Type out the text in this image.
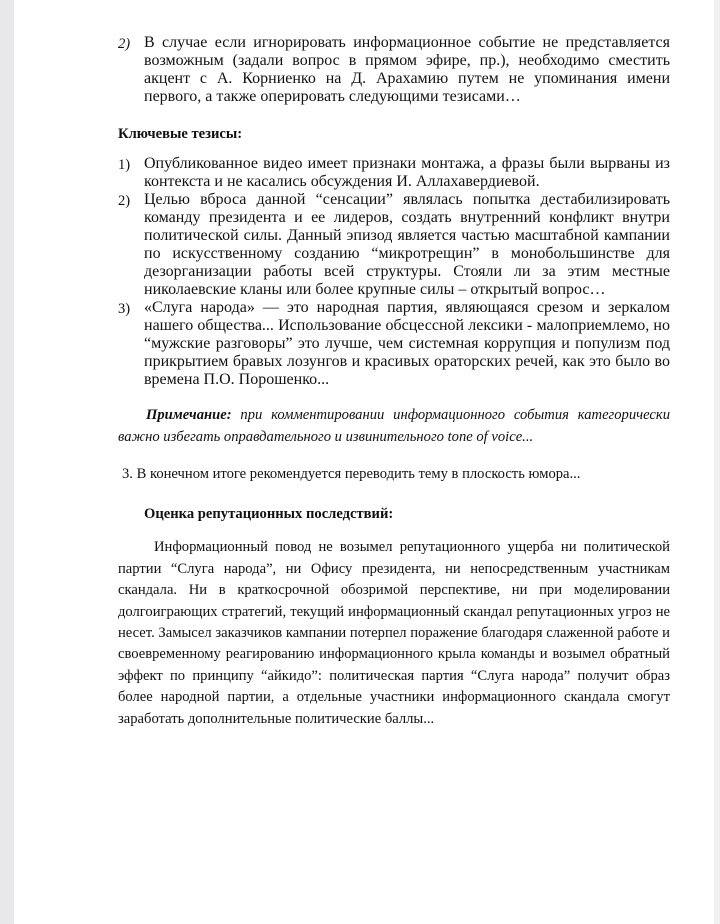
2) В случае если игнорировать информационное событие не представляется возможным (задали вопрос в прямом эфире, пр.), необходимо сместить акцент с А. Корниенко на Д. Арахамию путем не упоминания имени первого, а также оперировать следующими тезисами…
Ключевые тезисы:
1) Опубликованное видео имеет признаки монтажа, а фразы были вырваны из контекста и не касались обсуждения И. Аллахавердиевой.
2) Целью вброса данной “сенсации” являлась попытка дестабилизировать команду президента и ее лидеров, создать внутренний конфликт внутри политической силы. Данный эпизод является частью масштабной кампании по искусственному созданию “микротрещин” в монобольшинстве для дезорганизации работы всей структуры. Стояли ли за этим местные николаевские кланы или более крупные силы – открытый вопрос…
3) «Слуга народа» — это народная партия, являющаяся срезом и зеркалом нашего общества... Использование обсцессной лексики - малоприемлемо, но “мужские разговоры” это лучше, чем системная коррупция и популизм под прикрытием бравых лозунгов и красивых ораторских речей, как это было во времена П.О. Порошенко...

Примечание: при комментировании информационного события категорически важно избегать оправдательного и извинительного tone of voice...

3. В конечном итоге рекомендуется переводить тему в плоскость юмора...

Оценка репутационных последствий:

Информационный повод не возымел репутационного ущерба ни политической партии “Слуга народа”, ни Офису президента, ни непосредственным участникам скандала. Ни в краткосрочной обозримой перспективе, ни при моделировании долгоиграющих стратегий, текущий информационный скандал репутационных угроз не несет. Замысел заказчиков кампании потерпел поражение благодаря слаженной работе и своевременному реагированию информационного крыла команды и возымел обратный эффект по принципу “айкидо”: политическая партия “Слуга народа” получит образ более народной партии, а отдельные участники информационного скандала смогут заработать дополнительные политические баллы...
